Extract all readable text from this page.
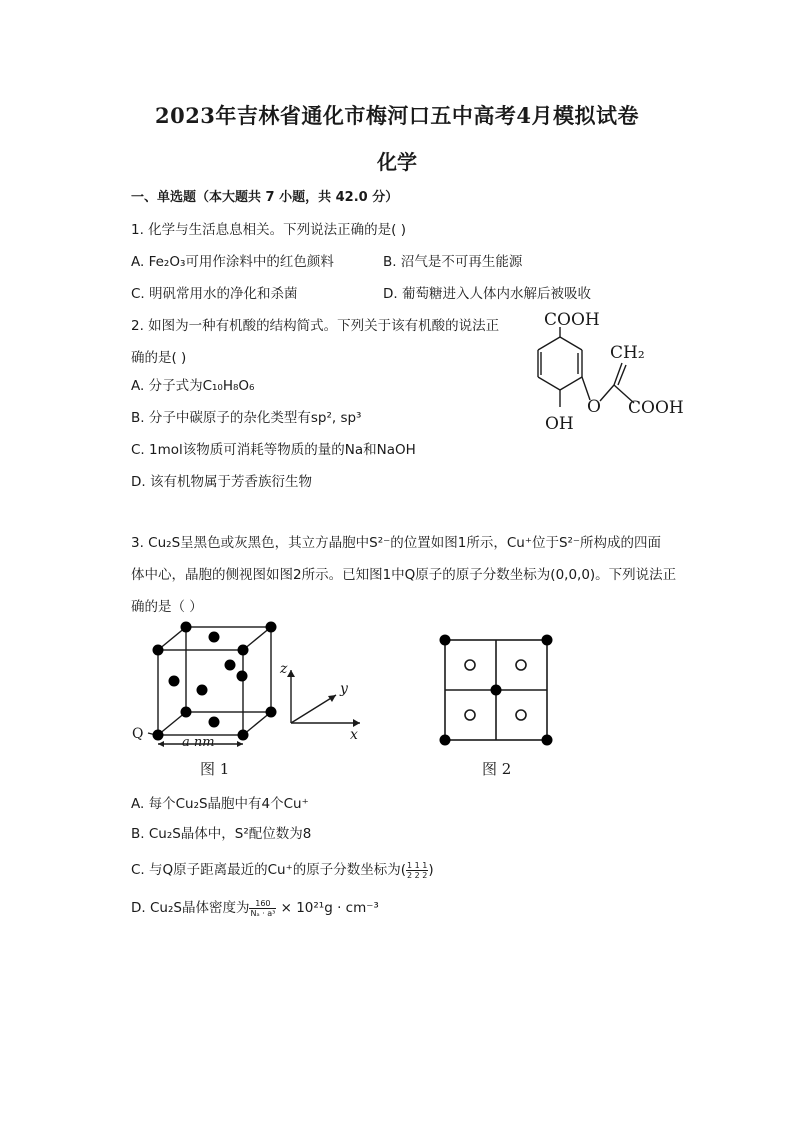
2023年吉林省通化市梅河口五中高考4月模拟试卷
化学
一、单选题（本大题共 7 小题，共 42.0 分）
1. 化学与生活息息相关。下列说法正确的是( )
A. Fe₂O₃可用作涂料中的红色颜料	B. 沼气是不可再生能源
C. 明矾常用水的净化和杀菌	D. 葡萄糖进入人体内水解后被吸收
2. 如图为一种有机酸的结构简式。下列关于该有机酸的说法正
确的是( )
A. 分子式为C₁₀H₈O₆
B. 分子中碳原子的杂化类型有sp², sp³
C. 1mol该物质可消耗等物质的量的Na和NaOH
D. 该有机物属于芳香族衍生物
COOH
CH₂
O COOH
OH
3. Cu₂S呈黑色或灰黑色，其立方晶胞中S²⁻的位置如图1所示，Cu⁺位于S²⁻所构成的四面
体中心，晶胞的侧视图如图2所示。已知图1中Q原子的原子分数坐标为(0,0,0)。下列说法正
确的是（ ）
Q
a nm
z
y
x
图 1	图 2
A. 每个Cu₂S晶胞中有4个Cu⁺
B. Cu₂S晶体中，S²配位数为8
C. 与Q原子距离最近的Cu⁺的原子分数坐标为( $\frac{1 1 1}{2 2 2}$ )
D. Cu₂S晶体密度为 $\frac{160}{\text{Nₐ · a³}} \times 10^{21}g \cdot cm^{-3}$
